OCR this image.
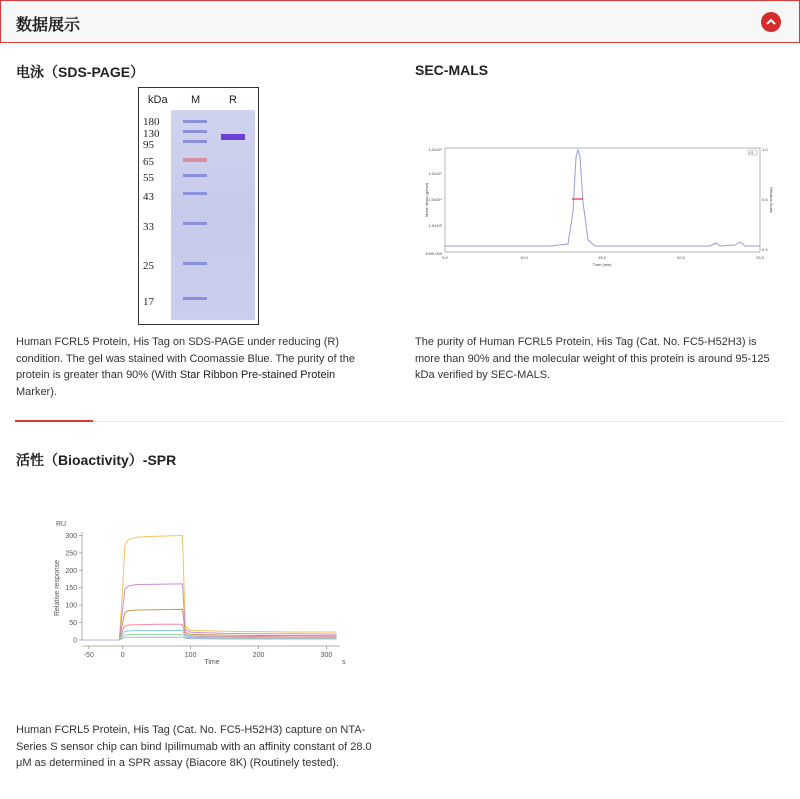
数据展示
电泳（SDS-PAGE）
kDa M	R
180
130
95
65
55
43
33
25
17
Human FCRL5 Protein, His Tag on SDS-PAGE under reducing (R) condition. The gel was stained with Coomassie Blue. The purity of the protein is greater than 90% (With Star Ribbon Pre-stained Protein Marker).
SEC-MALS
1.0x10⁶
1.0x10⁵
1.0x10⁴
1.0x10³
1000.000
1.0
0.5
0.0
5.0	10.0	15.0	20.0	25.0
Time (min)
Molar Mass (g/mol)	Relative Scale
LS
The purity of Human FCRL5 Protein, His Tag (Cat. No. FC5-H52H3) is more than 90% and the molecular weight of this protein is around 95-125 kDa verified by SEC-MALS.
活性（Bioactivity）-SPR
0
50
100
150
200
250
300
-50	0	100	200	300
RU
s
Time
Relative response
Human FCRL5 Protein, His Tag (Cat. No. FC5-H52H3) capture on NTA-Series S sensor chip can bind Ipilimumab with an affinity constant of 28.0 μM as determined in a SPR assay (Biacore 8K) (Routinely tested).
